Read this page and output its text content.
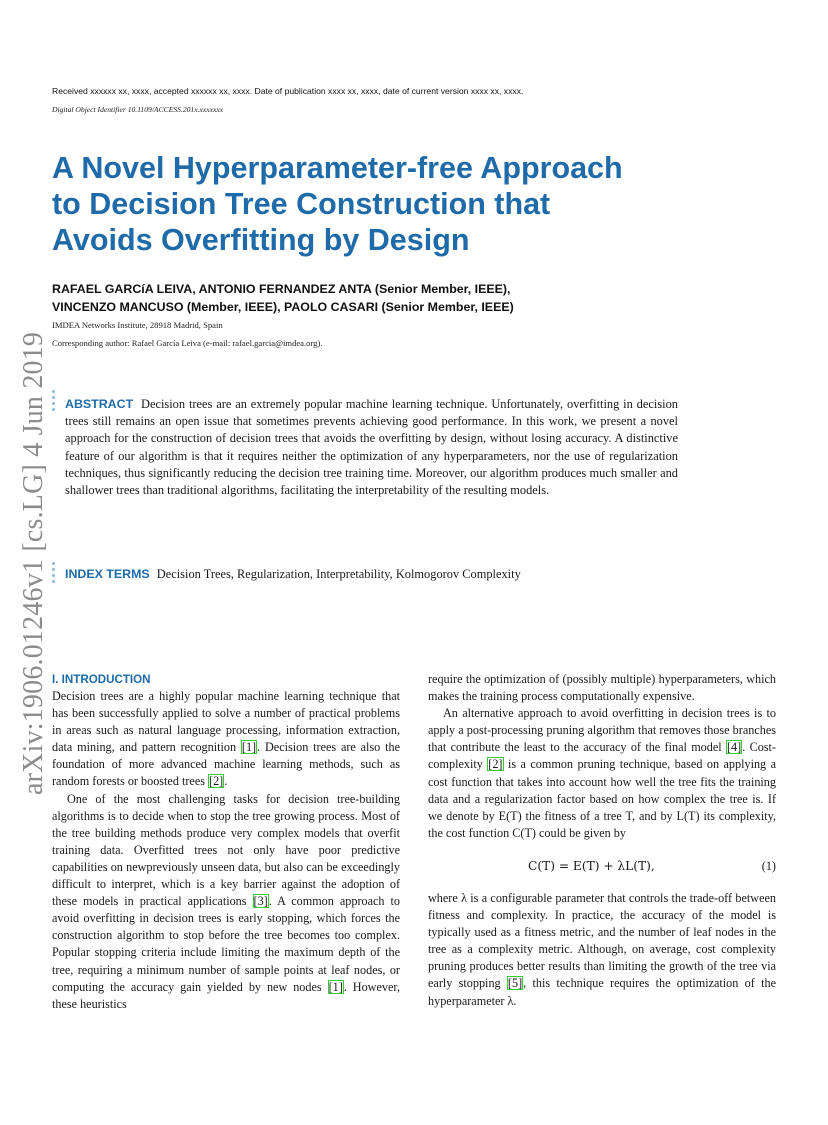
Received xxxxxx xx, xxxx, accepted xxxxxx xx, xxxx. Date of publication xxxx xx, xxxx, date of current version xxxx xx, xxxx.
Digital Object Identifier 10.1109/ACCESS.201x.xxxxxxx
A Novel Hyperparameter-free Approach
to Decision Tree Construction that
Avoids Overfitting by Design
RAFAEL GARCíA LEIVA, ANTONIO FERNANDEZ ANTA (Senior Member, IEEE),
VINCENZO MANCUSO (Member, IEEE), PAOLO CASARI (Senior Member, IEEE)
IMDEA Networks Institute, 28918 Madrid, Spain
Corresponding author: Rafael García Leiva (e-mail: rafael.garcia@imdea.org).
arXiv:1906.01246v1 [cs.LG] 4 Jun 2019 ABSTRACT Decision trees are an extremely popular machine learning technique. Unfortunately, overfitting in decision trees still remains an open issue that sometimes prevents achieving good performance. In this work, we present a novel approach for the construction of decision trees that avoids the overfitting by design, without losing accuracy. A distinctive feature of our algorithm is that it requires neither the optimization of any hyperparameters, nor the use of regularization techniques, thus significantly reducing the decision tree training time. Moreover, our algorithm produces much smaller and shallower trees than traditional algorithms, facilitating the interpretability of the resulting models.

INDEX TERMS Decision Trees, Regularization, Interpretability, Kolmogorov Complexity

I. INTRODUCTION

Decision trees are a highly popular machine learning technique that has been successfully applied to solve a number of practical problems in areas such as natural language processing, information extraction, data mining, and pattern recognition [1]. Decision trees are also the foundation of more advanced machine learning methods, such as random forests or boosted trees [2].

One of the most challenging tasks for decision tree-building algorithms is to decide when to stop the tree growing process. Most of the tree building methods produce very complex models that overfit training data. Overfitted trees not only have poor predictive capabilities on newpreviously unseen data, but also can be exceedingly difficult to interpret, which is a key barrier against the adoption of these models in practical applications [3]. A common approach to avoid overfitting in decision trees is early stopping, which forces the construction algorithm to stop before the tree becomes too complex. Popular stopping criteria include limiting the maximum depth of the tree, requiring a minimum number of sample points at leaf nodes, or computing the accuracy gain yielded by new nodes [1]. However, these heuristics

require the optimization of (possibly multiple) hyperparameters, which makes the training process computationally expensive.

An alternative approach to avoid overfitting in decision trees is to apply a post-processing pruning algorithm that removes those branches that contribute the least to the accuracy of the final model [4]. Cost-complexity [2] is a common pruning technique, based on applying a cost function that takes into account how well the tree fits the training data and a regularization factor based on how complex the tree is. If we denote by E(T) the fitness of a tree T, and by L(T) its complexity, the cost function C(T) could be given by

C(T) = E(T) + λL(T),	(1)

where λ is a configurable parameter that controls the trade-off between fitness and complexity. In practice, the accuracy of the model is typically used as a fitness metric, and the number of leaf nodes in the tree as a complexity metric. Although, on average, cost complexity pruning produces better results than limiting the growth of the tree via early stopping [5], this technique requires the optimization of the hyperparameter λ.
